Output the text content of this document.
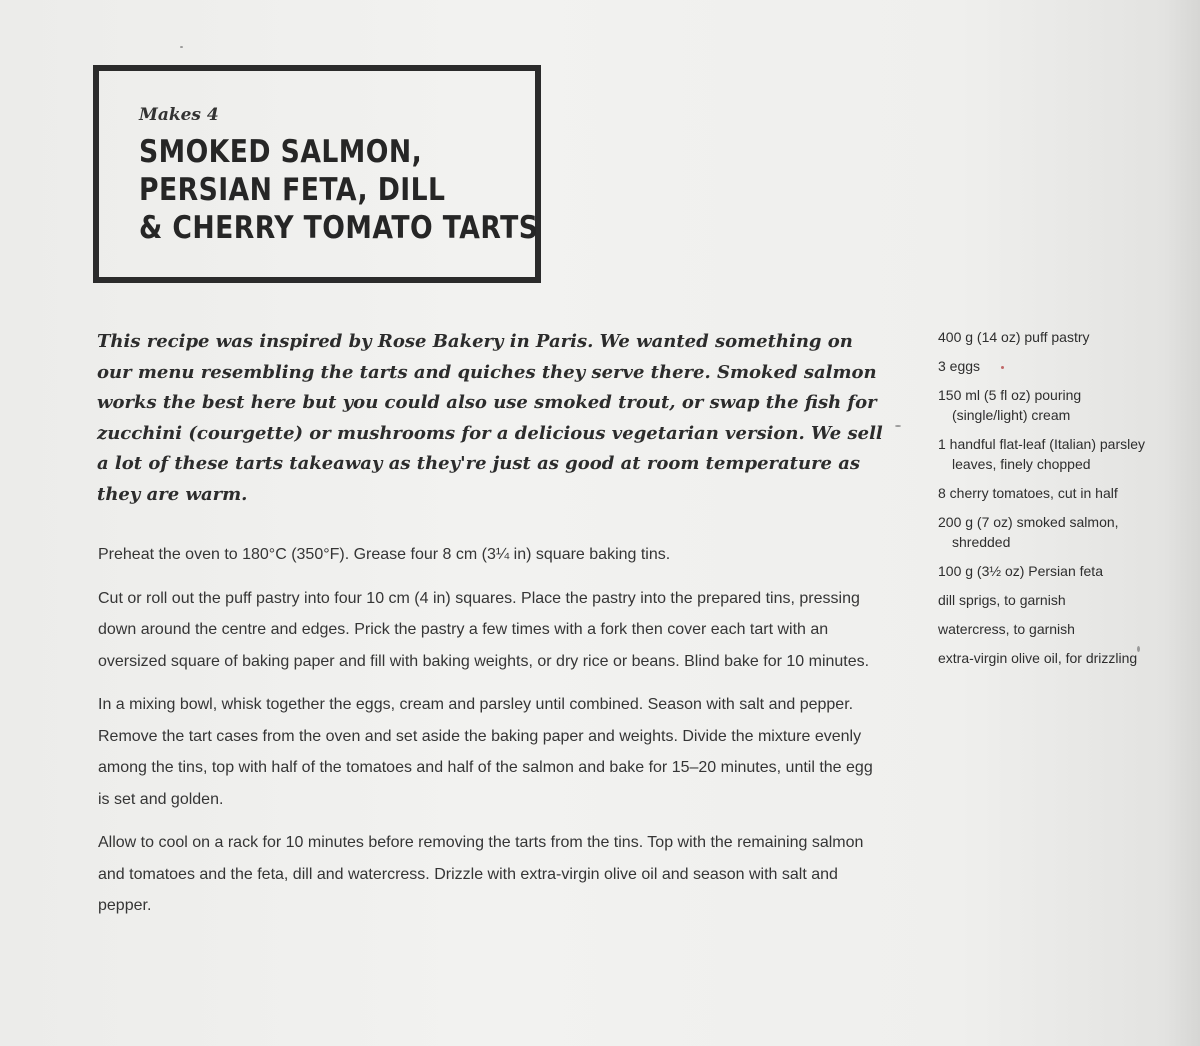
Makes 4
SMOKED SALMON,
PERSIAN FETA, DILL
& CHERRY TOMATO TARTS

This recipe was inspired by Rose Bakery in Paris. We wanted something on our menu resembling the tarts and quiches they serve there. Smoked salmon works the best here but you could also use smoked trout, or swap the fish for zucchini (courgette) or mushrooms for a delicious vegetarian version. We sell a lot of these tarts takeaway as they're just as good at room temperature as they are warm.

Preheat the oven to 180°C (350°F). Grease four 8 cm (3¼ in) square baking tins.

Cut or roll out the puff pastry into four 10 cm (4 in) squares. Place the pastry into the prepared tins, pressing down around the centre and edges. Prick the pastry a few times with a fork then cover each tart with an oversized square of baking paper and fill with baking weights, or dry rice or beans. Blind bake for 10 minutes.

In a mixing bowl, whisk together the eggs, cream and parsley until combined. Season with salt and pepper. Remove the tart cases from the oven and set aside the baking paper and weights. Divide the mixture evenly among the tins, top with half of the tomatoes and half of the salmon and bake for 15–20 minutes, until the egg is set and golden.

Allow to cool on a rack for 10 minutes before removing the tarts from the tins. Top with the remaining salmon and tomatoes and the feta, dill and watercress. Drizzle with extra-virgin olive oil and season with salt and pepper.

400 g (14 oz) puff pastry
3 eggs
150 ml (5 fl oz) pouring (single/light) cream
1 handful flat-leaf (Italian) parsley leaves, finely chopped
8 cherry tomatoes, cut in half
200 g (7 oz) smoked salmon, shredded
100 g (3½ oz) Persian feta
dill sprigs, to garnish
watercress, to garnish
extra-virgin olive oil, for drizzling
